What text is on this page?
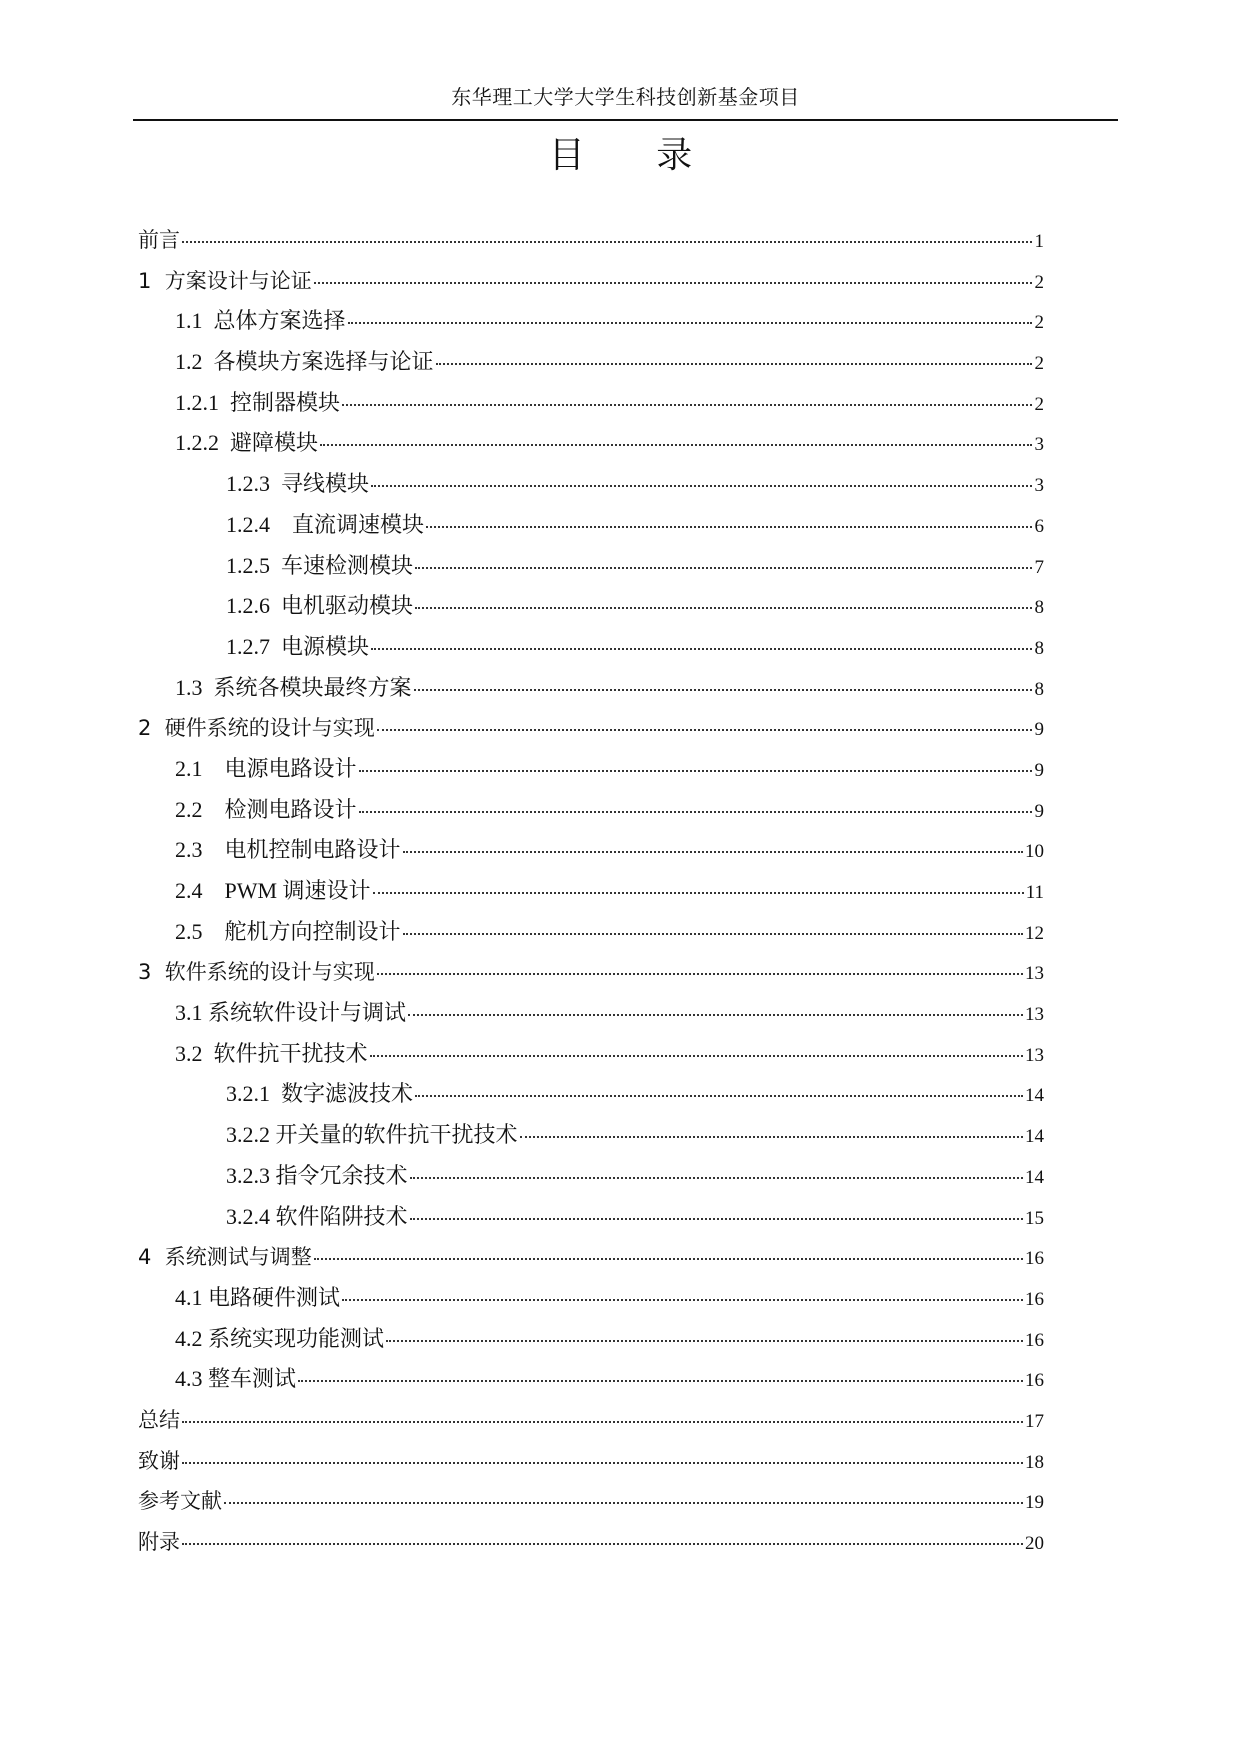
东华理工大学大学生科技创新基金项目
目 录
前言	1
1  方案设计与论证	2
1.1  总体方案选择	2
1.2  各模块方案选择与论证	2
1.2.1  控制器模块	2
1.2.2  避障模块	3
1.2.3  寻线模块	3
1.2.4    直流调速模块	6
1.2.5  车速检测模块	7
1.2.6  电机驱动模块	8
1.2.7  电源模块	8
1.3  系统各模块最终方案	8
2  硬件系统的设计与实现	9
2.1    电源电路设计	9
2.2    检测电路设计	9
2.3    电机控制电路设计	10
2.4    PWM 调速设计	11
2.5    舵机方向控制设计	12
3  软件系统的设计与实现	13
3.1 系统软件设计与调试	13
3.2  软件抗干扰技术	13
3.2.1  数字滤波技术	14
3.2.2 开关量的软件抗干扰技术	14
3.2.3 指令冗余技术	14
3.2.4 软件陷阱技术	15
4  系统测试与调整	16
4.1 电路硬件测试	16
4.2 系统实现功能测试	16
4.3 整车测试	16
总结	17
致谢	18
参考文献	19
附录	20
